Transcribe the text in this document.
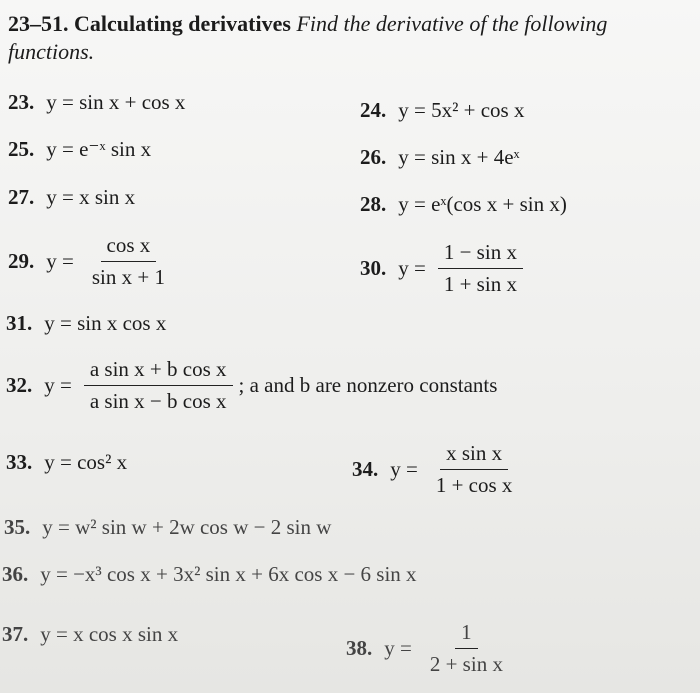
23–51. Calculating derivatives Find the derivative of the following functions.
23. y = sin x + cos x	24. y = 5x² + cos x
25. y = e⁻ˣ sin x	26. y = sin x + 4eˣ
27. y = x sin x	28. y = eˣ(cos x + sin x)
29. $y = \frac{\text{cos x}}{\text{sin x + 1}}$	30. $y = \frac{\text{1 − sin x}}{\text{1 + sin x}}$
31. y = sin x cos x
32. $y = \frac{\text{a sin x + b cos x}}{\text{a sin x − b cos x}}$ ; a and b are nonzero constants
33. y = cos² x	34. $y = \frac{\text{x sin x}}{\text{1 + cos x}}$
35. y = w² sin w + 2w cos w − 2 sin w
36. y = −x³ cos x + 3x² sin x + 6x cos x − 6 sin x
37. y = x cos x sin x
38. $y = \frac{1}{\text{2 + sin x}}$
